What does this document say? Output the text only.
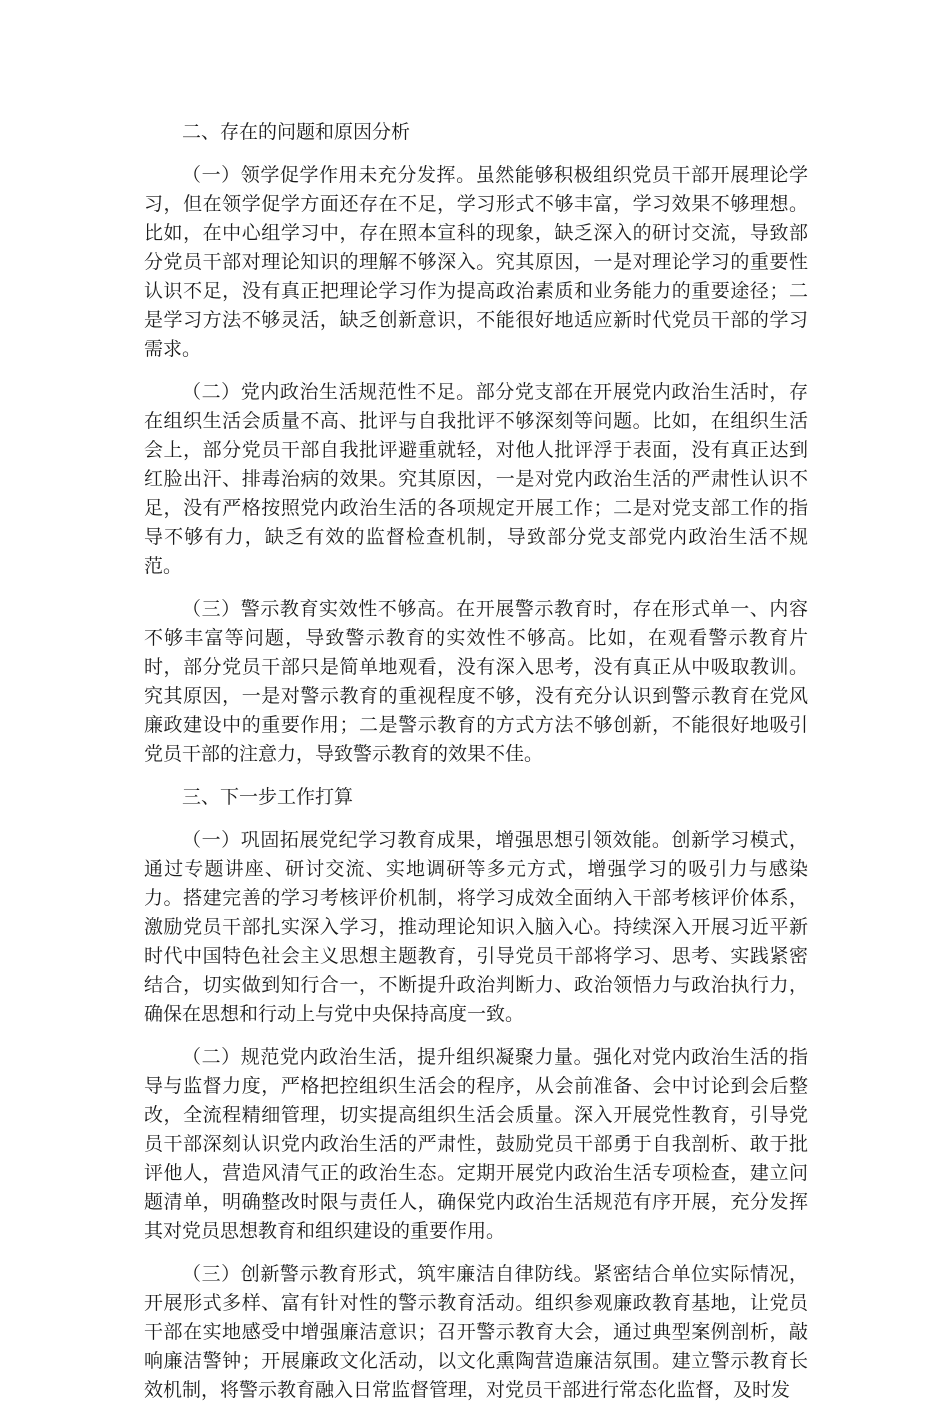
二、存在的问题和原因分析

（一）领学促学作用未充分发挥。虽然能够积极组织党员干部开展理论学习，但在领学促学方面还存在不足，学习形式不够丰富，学习效果不够理想。比如，在中心组学习中，存在照本宣科的现象，缺乏深入的研讨交流，导致部分党员干部对理论知识的理解不够深入。究其原因，一是对理论学习的重要性认识不足，没有真正把理论学习作为提高政治素质和业务能力的重要途径；二是学习方法不够灵活，缺乏创新意识，不能很好地适应新时代党员干部的学习需求。

（二）党内政治生活规范性不足。部分党支部在开展党内政治生活时，存在组织生活会质量不高、批评与自我批评不够深刻等问题。比如，在组织生活会上，部分党员干部自我批评避重就轻，对他人批评浮于表面，没有真正达到红脸出汗、排毒治病的效果。究其原因，一是对党内政治生活的严肃性认识不足，没有严格按照党内政治生活的各项规定开展工作；二是对党支部工作的指导不够有力，缺乏有效的监督检查机制，导致部分党支部党内政治生活不规范。

（三）警示教育实效性不够高。在开展警示教育时，存在形式单一、内容不够丰富等问题，导致警示教育的实效性不够高。比如，在观看警示教育片时，部分党员干部只是简单地观看，没有深入思考，没有真正从中吸取教训。究其原因，一是对警示教育的重视程度不够，没有充分认识到警示教育在党风廉政建设中的重要作用；二是警示教育的方式方法不够创新，不能很好地吸引党员干部的注意力，导致警示教育的效果不佳。

三、下一步工作打算

（一）巩固拓展党纪学习教育成果，增强思想引领效能。创新学习模式，通过专题讲座、研讨交流、实地调研等多元方式，增强学习的吸引力与感染力。搭建完善的学习考核评价机制，将学习成效全面纳入干部考核评价体系，激励党员干部扎实深入学习，推动理论知识入脑入心。持续深入开展习近平新时代中国特色社会主义思想主题教育，引导党员干部将学习、思考、实践紧密结合，切实做到知行合一，不断提升政治判断力、政治领悟力与政治执行力，确保在思想和行动上与党中央保持高度一致。

（二）规范党内政治生活，提升组织凝聚力量。强化对党内政治生活的指导与监督力度，严格把控组织生活会的程序，从会前准备、会中讨论到会后整改，全流程精细管理，切实提高组织生活会质量。深入开展党性教育，引导党员干部深刻认识党内政治生活的严肃性，鼓励党员干部勇于自我剖析、敢于批评他人，营造风清气正的政治生态。定期开展党内政治生活专项检查，建立问题清单，明确整改时限与责任人，确保党内政治生活规范有序开展，充分发挥其对党员思想教育和组织建设的重要作用。

（三）创新警示教育形式，筑牢廉洁自律防线。紧密结合单位实际情况，开展形式多样、富有针对性的警示教育活动。组织参观廉政教育基地，让党员干部在实地感受中增强廉洁意识；召开警示教育大会，通过典型案例剖析，敲响廉洁警钟；开展廉政文化活动，以文化熏陶营造廉洁氛围。建立警示教育长效机制，将警示教育融入日常监督管理，对党员干部进行常态化监督，及时发
